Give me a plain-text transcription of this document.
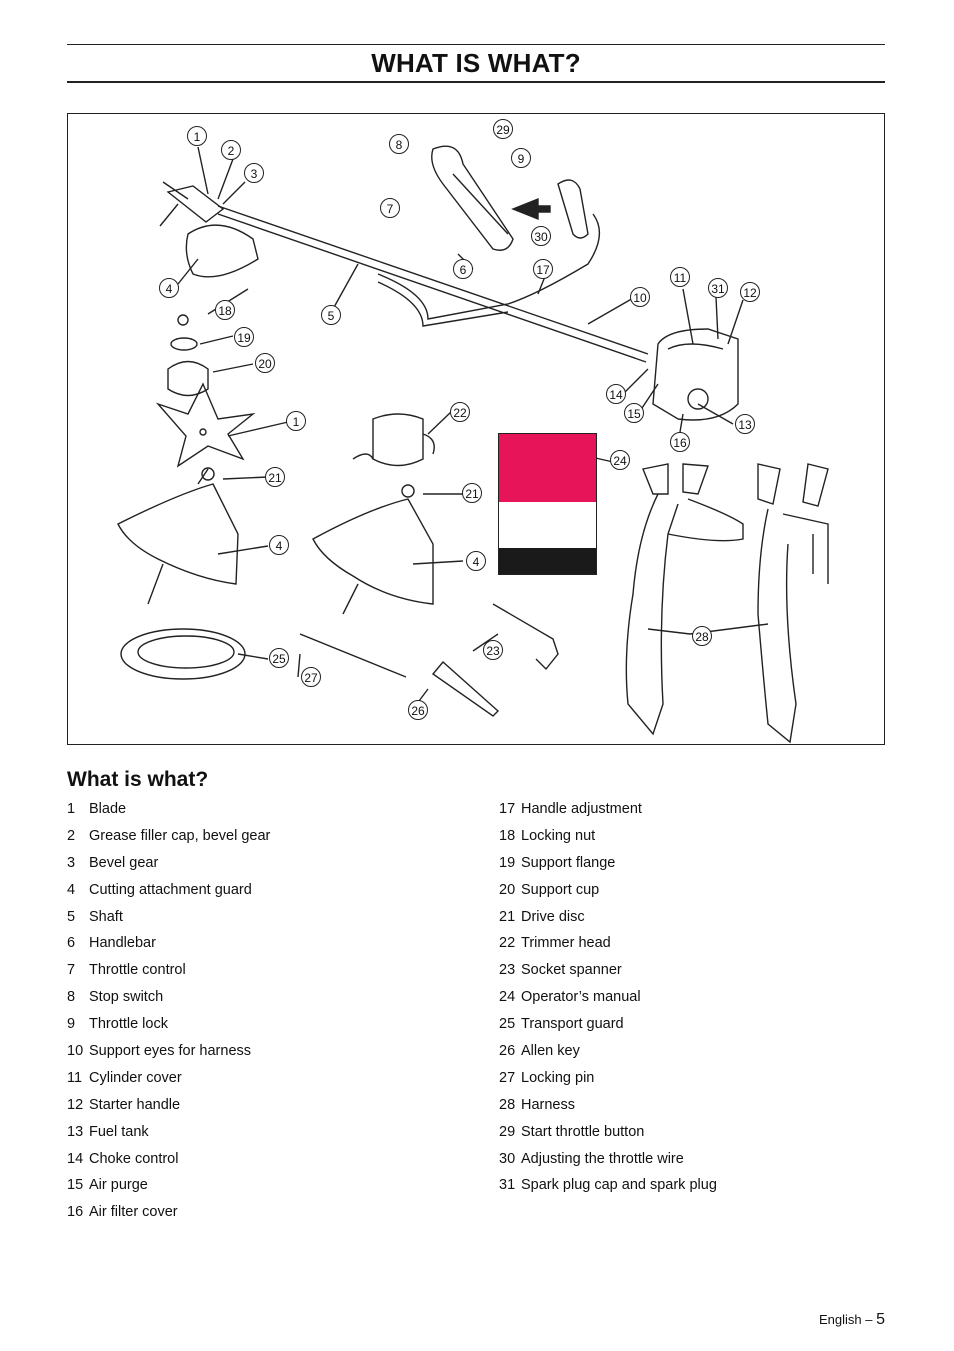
WHAT IS WHAT?
1
2
3
8
29
9
7
30
6	17
11
31 12
10
4
5
18
19
20
1
22
24
14
15
16
13
21
21
4
4
28
25
27
23
26
What is what?
1 Blade
2 Grease filler cap, bevel gear
3 Bevel gear
4 Cutting attachment guard
5 Shaft
6 Handlebar
7 Throttle control
8 Stop switch
9 Throttle lock
10 Support eyes for harness
11 Cylinder cover
12 Starter handle
13 Fuel tank
14 Choke control
15 Air purge
16 Air filter cover
17 Handle adjustment
18 Locking nut
19 Support flange
20 Support cup
21 Drive disc
22 Trimmer head
23 Socket spanner
24 Operator’s manual
25 Transport guard
26 Allen key
27 Locking pin
28 Harness
29 Start throttle button
30 Adjusting the throttle wire
31 Spark plug cap and spark plug
English – 5
